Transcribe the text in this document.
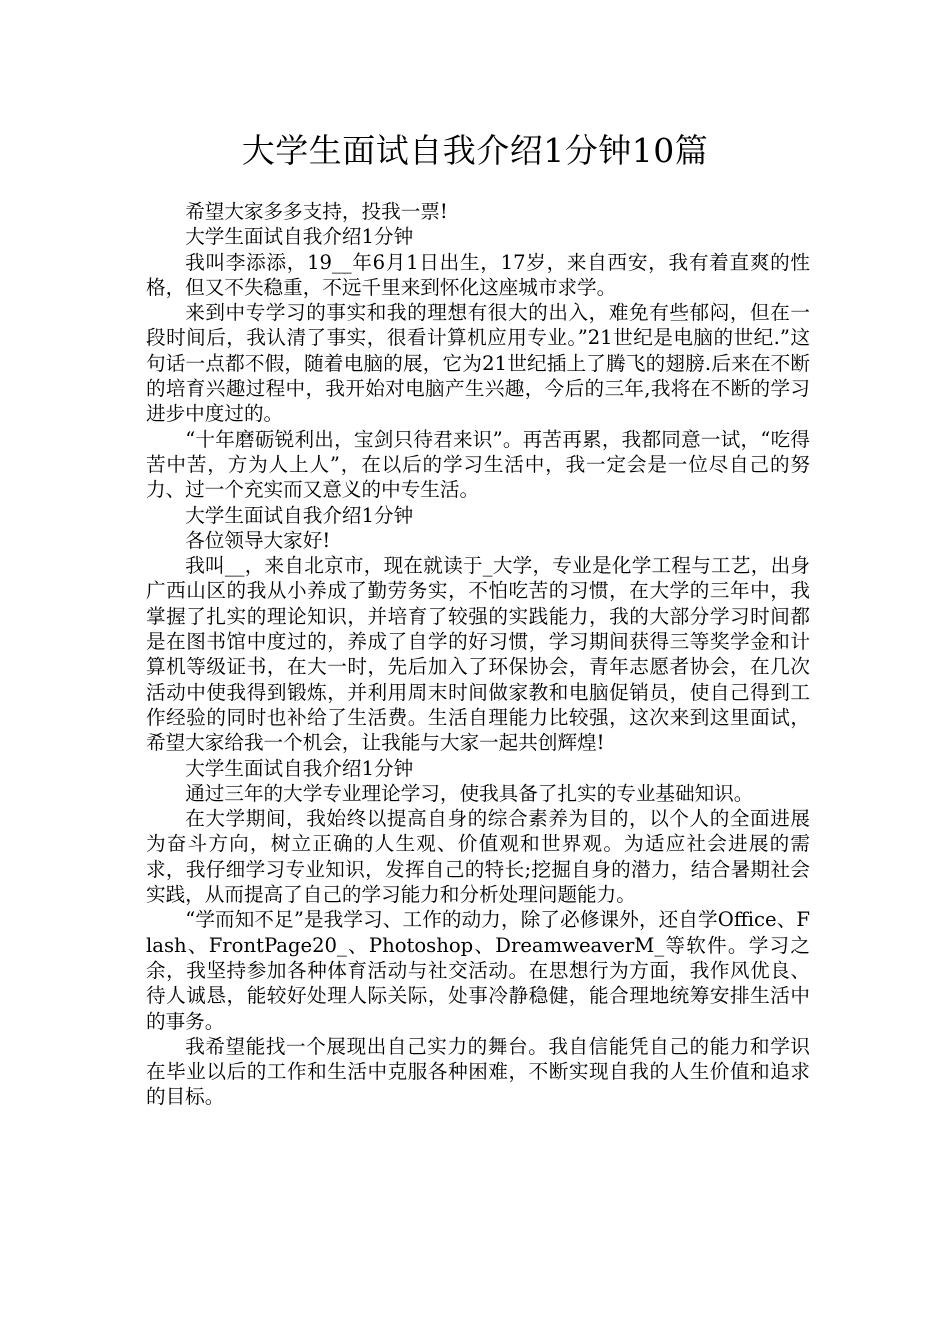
大学生面试自我介绍1分钟10篇

希望大家多多支持，投我一票!

大学生面试自我介绍1分钟

我叫李添添，19__年6月1日出生，17岁，来自西安，我有着直爽的性格，但又不失稳重，不远千里来到怀化这座城市求学。

来到中专学习的事实和我的理想有很大的出入，难免有些郁闷，但在一段时间后，我认清了事实，很看计算机应用专业。”21世纪是电脑的世纪.”这句话一点都不假，随着电脑的展，它为21世纪插上了腾飞的翅膀.后来在不断的培育兴趣过程中，我开始对电脑产生兴趣，今后的三年,我将在不断的学习进步中度过的。

“十年磨砺锐利出，宝剑只待君来识”。再苦再累，我都同意一试，“吃得苦中苦，方为人上人”，在以后的学习生活中，我一定会是一位尽自己的努力、过一个充实而又意义的中专生活。

大学生面试自我介绍1分钟

各位领导大家好!

我叫__，来自北京市，现在就读于_大学，专业是化学工程与工艺，出身广西山区的我从小养成了勤劳务实，不怕吃苦的习惯，在大学的三年中，我掌握了扎实的理论知识，并培育了较强的实践能力，我的大部分学习时间都是在图书馆中度过的，养成了自学的好习惯，学习期间获得三等奖学金和计算机等级证书，在大一时，先后加入了环保协会，青年志愿者协会，在几次活动中使我得到锻炼，并利用周末时间做家教和电脑促销员，使自己得到工作经验的同时也补给了生活费。生活自理能力比较强，这次来到这里面试，希望大家给我一个机会，让我能与大家一起共创辉煌!

大学生面试自我介绍1分钟

通过三年的大学专业理论学习，使我具备了扎实的专业基础知识。

在大学期间，我始终以提高自身的综合素养为目的，以个人的全面进展为奋斗方向，树立正确的人生观、价值观和世界观。为适应社会进展的需求，我仔细学习专业知识，发挥自己的特长;挖掘自身的潜力，结合暑期社会实践，从而提高了自己的学习能力和分析处理问题能力。

“学而知不足”是我学习、工作的动力，除了必修课外，还自学Office、Flash、FrontPage20_、Photoshop、DreamweaverM_等软件。学习之余，我坚持参加各种体育活动与社交活动。在思想行为方面，我作风优良、待人诚恳，能较好处理人际关际，处事冷静稳健，能合理地统筹安排生活中的事务。

我希望能找一个展现出自己实力的舞台。我自信能凭自己的能力和学识在毕业以后的工作和生活中克服各种困难，不断实现自我的人生价值和追求的目标。
